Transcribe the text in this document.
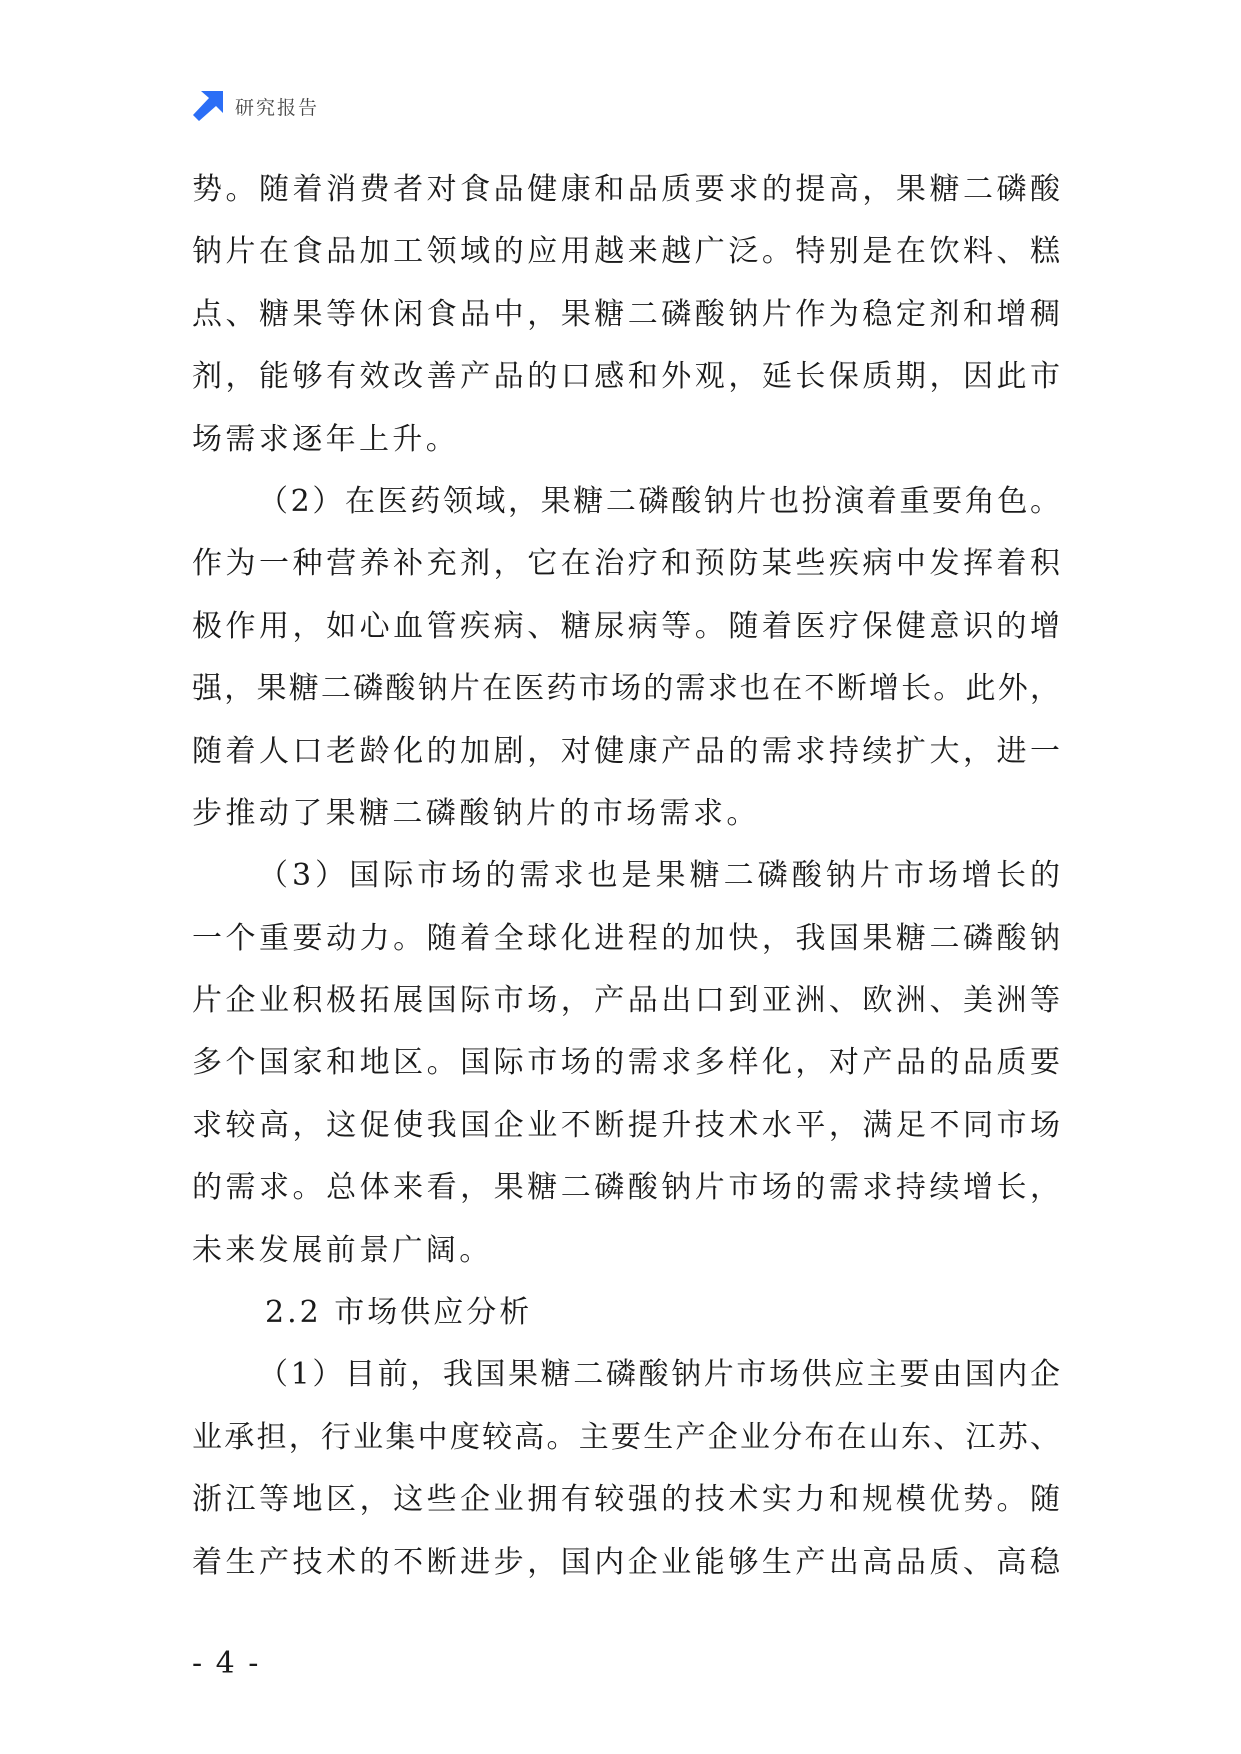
研究报告
势。随着消费者对食品健康和品质要求的提高，果糖二磷酸
钠片在食品加工领域的应用越来越广泛。特别是在饮料、糕
点、糖果等休闲食品中，果糖二磷酸钠片作为稳定剂和增稠
剂，能够有效改善产品的口感和外观，延长保质期，因此市
场需求逐年上升。
（2）在医药领域，果糖二磷酸钠片也扮演着重要角色。
作为一种营养补充剂，它在治疗和预防某些疾病中发挥着积
极作用，如心血管疾病、糖尿病等。随着医疗保健意识的增
强，果糖二磷酸钠片在医药市场的需求也在不断增长。此外，
随着人口老龄化的加剧，对健康产品的需求持续扩大，进一
步推动了果糖二磷酸钠片的市场需求。
（3）国际市场的需求也是果糖二磷酸钠片市场增长的
一个重要动力。随着全球化进程的加快，我国果糖二磷酸钠
片企业积极拓展国际市场，产品出口到亚洲、欧洲、美洲等
多个国家和地区。国际市场的需求多样化，对产品的品质要
求较高，这促使我国企业不断提升技术水平，满足不同市场
的需求。总体来看，果糖二磷酸钠片市场的需求持续增长，
未来发展前景广阔。
2.2 市场供应分析
（1）目前，我国果糖二磷酸钠片市场供应主要由国内企
业承担，行业集中度较高。主要生产企业分布在山东、江苏、
浙江等地区，这些企业拥有较强的技术实力和规模优势。随
着生产技术的不断进步，国内企业能够生产出高品质、高稳
- 4 -
